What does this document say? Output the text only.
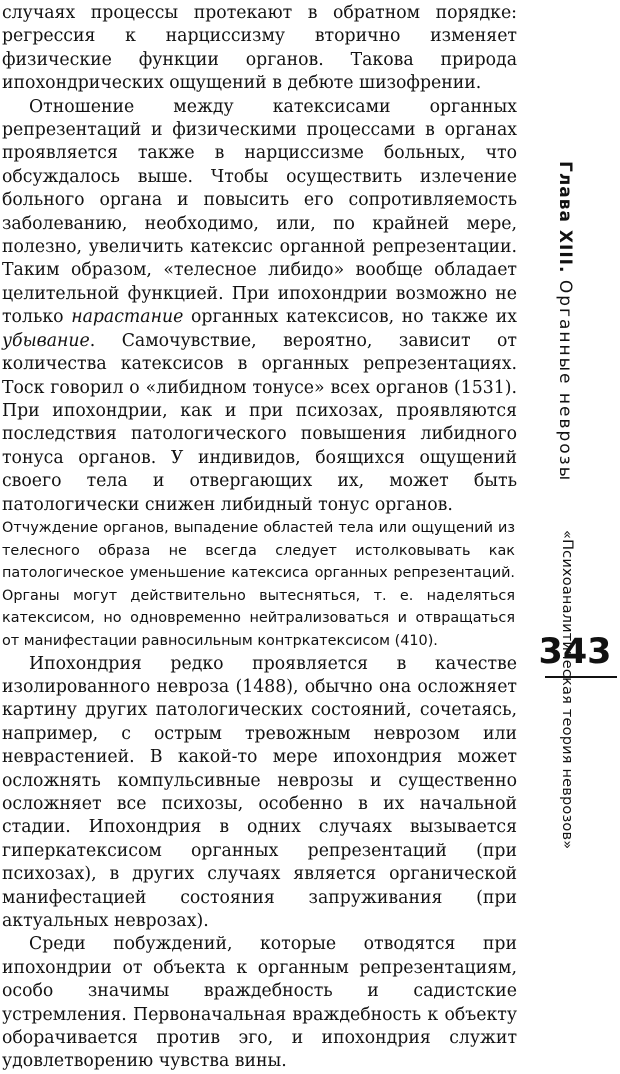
случаях процессы протекают в обратном порядке: регрессия к нарциссизму вторично изменяет физические функции органов. Такова природа ипохондрических ощущений в дебюте шизофрении.

Отношение между катексисами органных репрезентаций и физическими процессами в органах проявляется также в нарциссизме больных, что обсуждалось выше. Чтобы осуществить излечение больного органа и повысить его сопротивляемость заболеванию, необходимо, или, по крайней мере, полезно, увеличить катексис органной репрезентации. Таким образом, «телесное либидо» вообще обладает целительной функцией. При ипохондрии возможно не только нарастание органных катексисов, но также их убывание. Самочувствие, вероятно, зависит от количества катексисов в органных репрезентациях. Тоск говорил о «либидном тонусе» всех органов (1531). При ипохондрии, как и при психозах, проявляются последствия патологического повышения либидного тонуса органов. У индивидов, боящихся ощущений своего тела и отвергающих их, может быть патологически снижен либидный тонус органов.

Отчуждение органов, выпадение областей тела или ощущений из телесного образа не всегда следует истолковывать как патологическое уменьшение катексиса органных репрезентаций. Органы могут действительно вытесняться, т. е. наделяться катексисом, но одновременно нейтрализоваться и отвращаться от манифестации равносильным контркатексисом (410).

Ипохондрия редко проявляется в качестве изолированного невроза (1488), обычно она осложняет картину других патологических состояний, сочетаясь, например, с острым тревожным неврозом или неврастенией. В какой-то мере ипохондрия может осложнять компульсивные неврозы и существенно осложняет все психозы, особенно в их начальной стадии. Ипохондрия в одних случаях вызывается гиперкатексисом органных репрезентаций (при психозах), в других случаях является органической манифестацией состояния запруживания (при актуальных неврозах).

Среди побуждений, которые отводятся при ипохондрии от объекта к органным репрезентациям, особо значимы враждебность и садистские устремления. Первоначальная враждебность к объекту оборачивается против эго, и ипохондрия служит удовлетворению чувства вины.

Глава XIII. Органные неврозы
343
«Психоаналитическая теория неврозов»
